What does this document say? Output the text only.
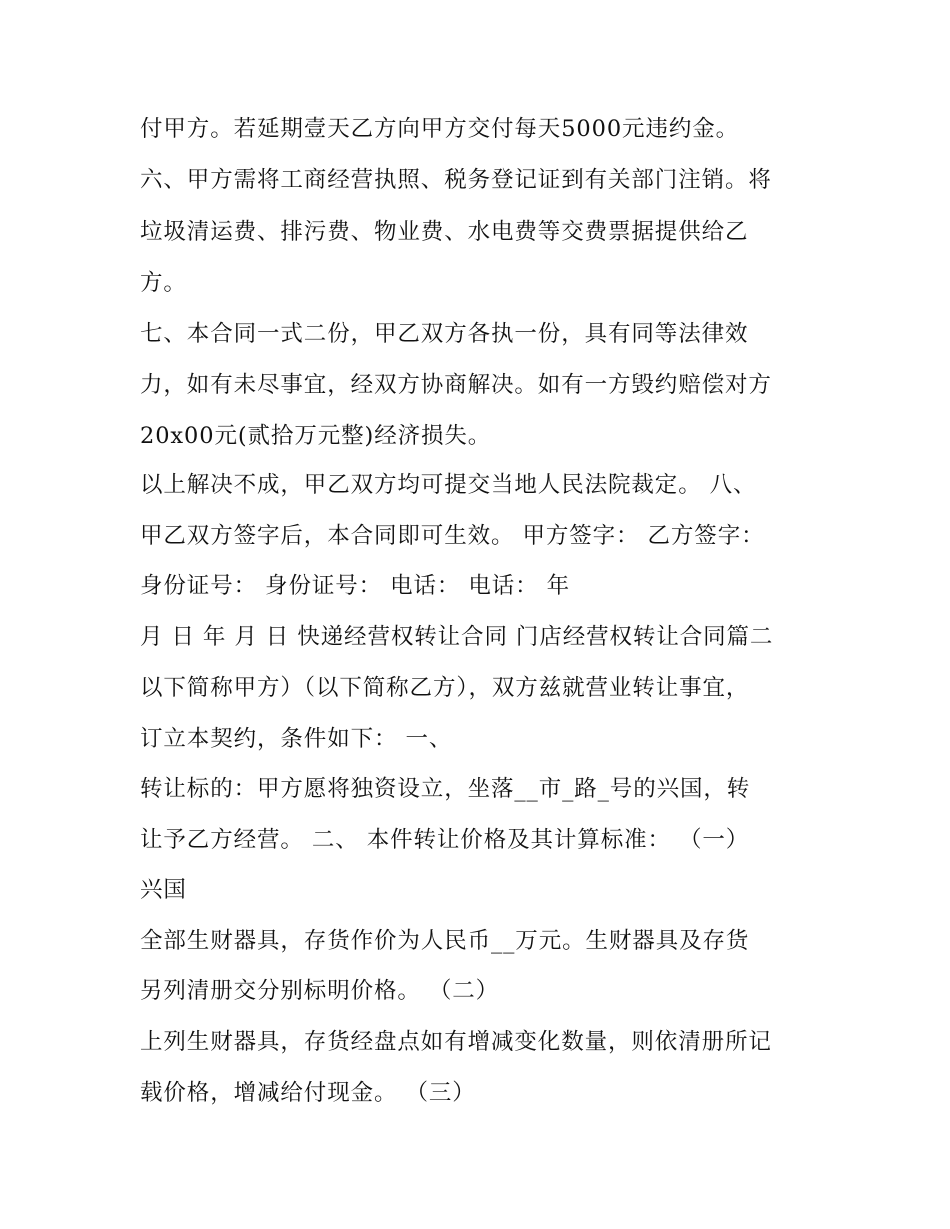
付甲方。若延期壹天乙方向甲方交付每天5000元违约金。

六、甲方需将工商经营执照、税务登记证到有关部门注销。将

垃圾清运费、排污费、物业费、水电费等交费票据提供给乙

方。

七、本合同一式二份，甲乙双方各执一份，具有同等法律效

力，如有未尽事宜，经双方协商解决。如有一方毁约赔偿对方

20x00元(贰拾万元整)经济损失。

以上解决不成，甲乙双方均可提交当地人民法院裁定。 八、

甲乙双方签字后，本合同即可生效。 甲方签字： 乙方签字：

身份证号： 身份证号： 电话： 电话： 年

月 日 年 月 日 快递经营权转让合同 门店经营权转让合同篇二

以下简称甲方）（以下简称乙方），双方兹就营业转让事宜，

订立本契约，条件如下： 一、

转让标的：甲方愿将独资设立，坐落__市_路_号的兴国，转

让予乙方经营。 二、 本件转让价格及其计算标准： （一）

兴国

全部生财器具，存货作价为人民币__万元。生财器具及存货

另列清册交分别标明价格。 （二）

上列生财器具，存货经盘点如有增减变化数量，则依清册所记

载价格，增减给付现金。 （三）
